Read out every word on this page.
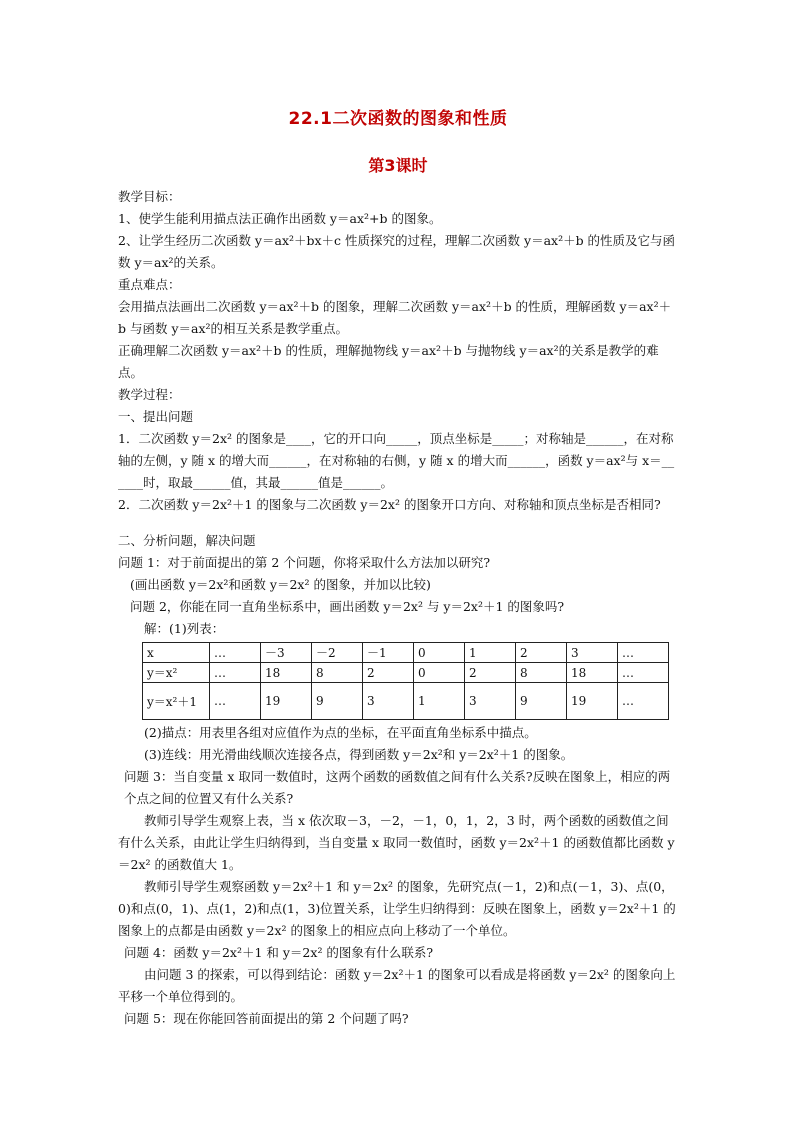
22.1二次函数的图象和性质
第3课时

教学目标：

1、使学生能利用描点法正确作出函数 y＝ax²+b 的图象。

2、让学生经历二次函数 y＝ax²＋bx＋c 性质探究的过程，理解二次函数 y＝ax²＋b 的性质及它与函数 y＝ax²的关系。

重点难点：

会用描点法画出二次函数 y＝ax²＋b 的图象，理解二次函数 y＝ax²＋b 的性质，理解函数 y＝ax²＋b 与函数 y＝ax²的相互关系是教学重点。

正确理解二次函数 y＝ax²＋b 的性质，理解抛物线 y＝ax²＋b 与抛物线 y＝ax²的关系是教学的难点。

教学过程：

一、提出问题

1．二次函数 y＝2x² 的图象是____，它的开口向_____，顶点坐标是_____；对称轴是______，在对称轴的左侧，y 随 x 的增大而______，在对称轴的右侧，y 随 x 的增大而______，函数 y＝ax²与 x＝______时，取最______值，其最______值是______。

2．二次函数 y＝2x²＋1 的图象与二次函数 y＝2x² 的图象开口方向、对称轴和顶点坐标是否相同?

二、分析问题，解决问题

问题 1：对于前面提出的第 2 个问题，你将采取什么方法加以研究?

(画出函数 y＝2x²和函数 y＝2x² 的图象，并加以比较)

问题 2，你能在同一直角坐标系中，画出函数 y＝2x² 与 y＝2x²＋1 的图象吗?

解：(1)列表：

x	…	－3	－2	－1	0	1	2	3	…
y＝x²	…	18	8	2	0	2	8	18	…
y＝x²＋1	…	19	9	3	1	3	9	19	…

(2)描点：用表里各组对应值作为点的坐标，在平面直角坐标系中描点。

(3)连线：用光滑曲线顺次连接各点，得到函数 y＝2x²和 y＝2x²＋1 的图象。

问题 3：当自变量 x 取同一数值时，这两个函数的函数值之间有什么关系?反映在图象上，相应的两个点之间的位置又有什么关系?

教师引导学生观察上表，当 x 依次取－3，－2，－1，0，1，2，3 时，两个函数的函数值之间有什么关系，由此让学生归纳得到，当自变量 x 取同一数值时，函数 y＝2x²＋1 的函数值都比函数 y＝2x² 的函数值大 1。

教师引导学生观察函数 y＝2x²＋1 和 y＝2x² 的图象，先研究点(－1，2)和点(－1，3)、点(0，0)和点(0，1)、点(1，2)和点(1，3)位置关系，让学生归纳得到：反映在图象上，函数 y＝2x²＋1 的图象上的点都是由函数 y＝2x² 的图象上的相应点向上移动了一个单位。

问题 4：函数 y＝2x²＋1 和 y＝2x² 的图象有什么联系?

由问题 3 的探索，可以得到结论：函数 y＝2x²＋1 的图象可以看成是将函数 y＝2x² 的图象向上平移一个单位得到的。

问题 5：现在你能回答前面提出的第 2 个问题了吗?
